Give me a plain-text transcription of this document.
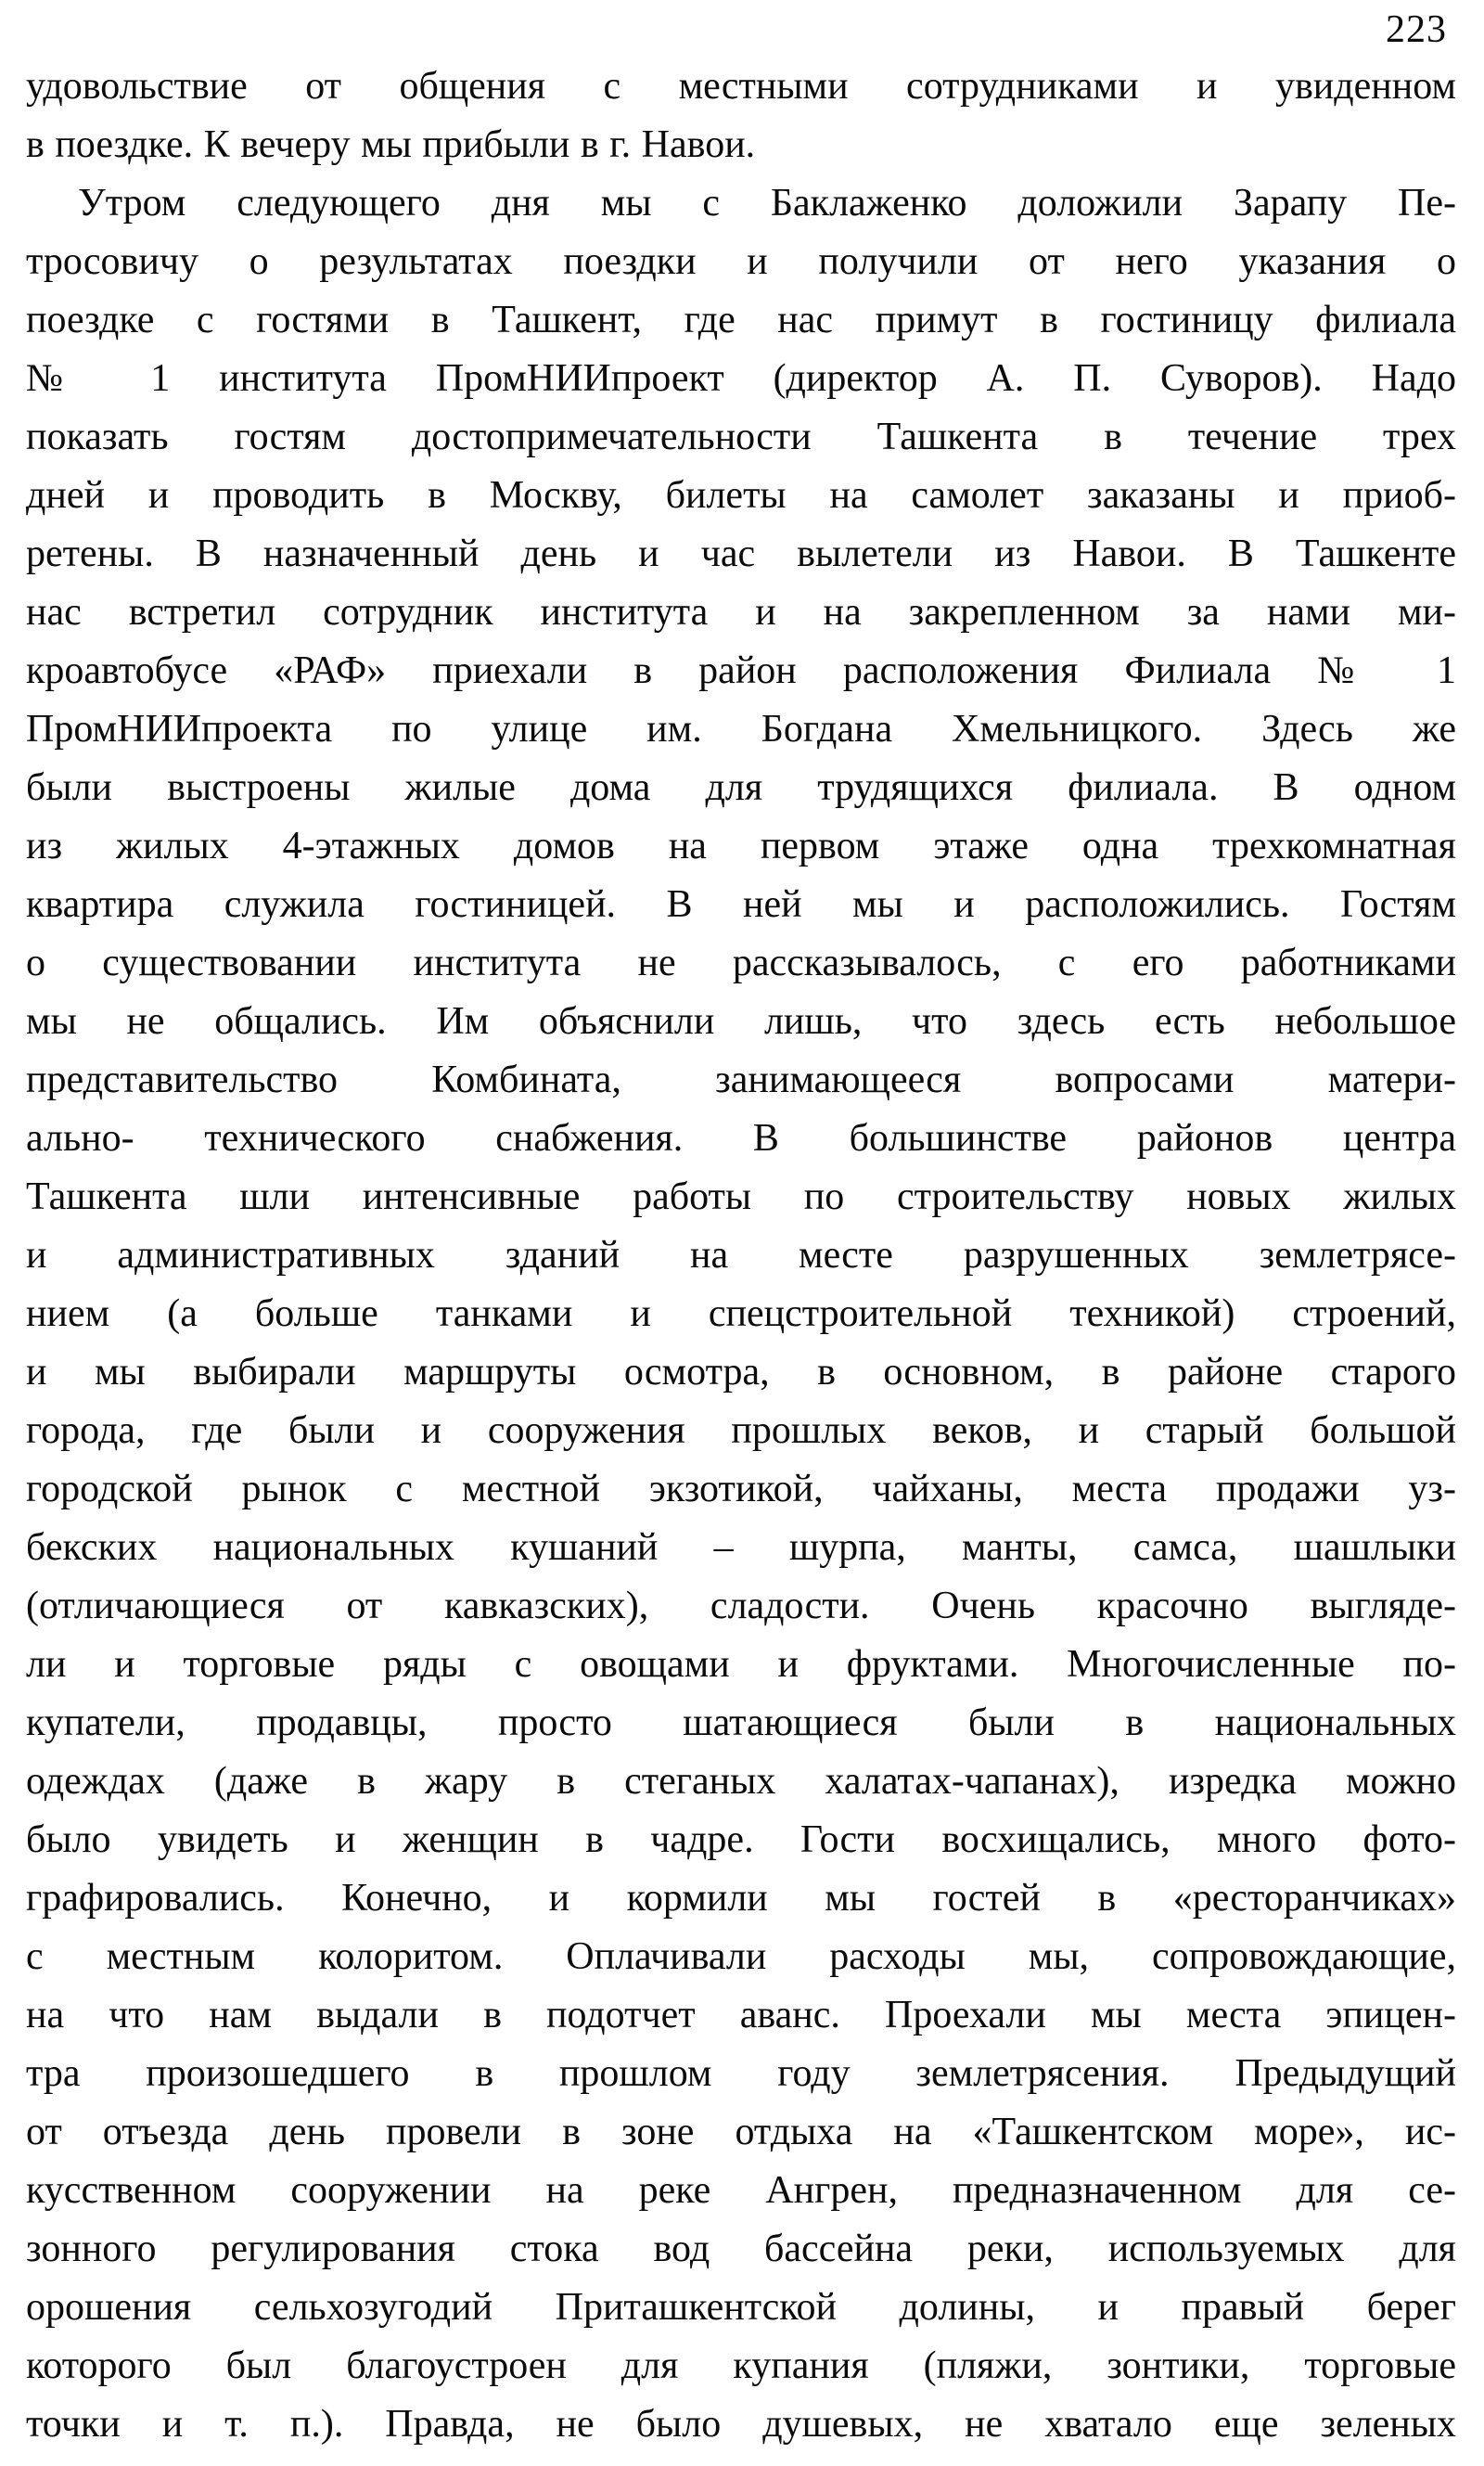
223
удовольствие от общения с местными сотрудниками и увиденном
в поездке. К вечеру мы прибыли в г. Навои.
Утром следующего дня мы с Баклаженко доложили Зарапу Пе-
тросовичу о результатах поездки и получили от него указания о
поездке с гостями в Ташкент, где нас примут в гостиницу филиала
№ 1 института ПромНИИпроект (директор А. П. Суворов). Надо
показать гостям достопримечательности Ташкента в течение трех
дней и проводить в Москву, билеты на самолет заказаны и приоб-
ретены. В назначенный день и час вылетели из Навои. В Ташкенте
нас встретил сотрудник института и на закрепленном за нами ми-
кроавтобусе «РАФ» приехали в район расположения Филиала № 1
ПромНИИпроекта по улице им. Богдана Хмельницкого. Здесь же
были выстроены жилые дома для трудящихся филиала. В одном
из жилых 4-этажных домов на первом этаже одна трехкомнатная
квартира служила гостиницей. В ней мы и расположились. Гостям
о существовании института не рассказывалось, с его работниками
мы не общались. Им объяснили лишь, что здесь есть небольшое
представительство Комбината, занимающееся вопросами матери-
ально- технического снабжения. В большинстве районов центра
Ташкента шли интенсивные работы по строительству новых жилых
и административных зданий на месте разрушенных землетрясе-
нием (а больше танками и спецстроительной техникой) строений,
и мы выбирали маршруты осмотра, в основном, в районе старого
города, где были и сооружения прошлых веков, и старый большой
городской рынок с местной экзотикой, чайханы, места продажи уз-
бекских национальных кушаний – шурпа, манты, самса, шашлыки
(отличающиеся от кавказских), сладости. Очень красочно выгляде-
ли и торговые ряды с овощами и фруктами. Многочисленные по-
купатели, продавцы, просто шатающиеся были в национальных
одеждах (даже в жару в стеганых халатах-чапанах), изредка можно
было увидеть и женщин в чадре. Гости восхищались, много фото-
графировались. Конечно, и кормили мы гостей в «ресторанчиках»
с местным колоритом. Оплачивали расходы мы, сопровождающие,
на что нам выдали в подотчет аванс. Проехали мы места эпицен-
тра произошедшего в прошлом году землетрясения. Предыдущий
от отъезда день провели в зоне отдыха на «Ташкентском море», ис-
кусственном сооружении на реке Ангрен, предназначенном для се-
зонного регулирования стока вод бассейна реки, используемых для
орошения сельхозугодий Приташкентской долины, и правый берег
которого был благоустроен для купания (пляжи, зонтики, торговые
точки и т. п.). Правда, не было душевых, не хватало еще зеленых
